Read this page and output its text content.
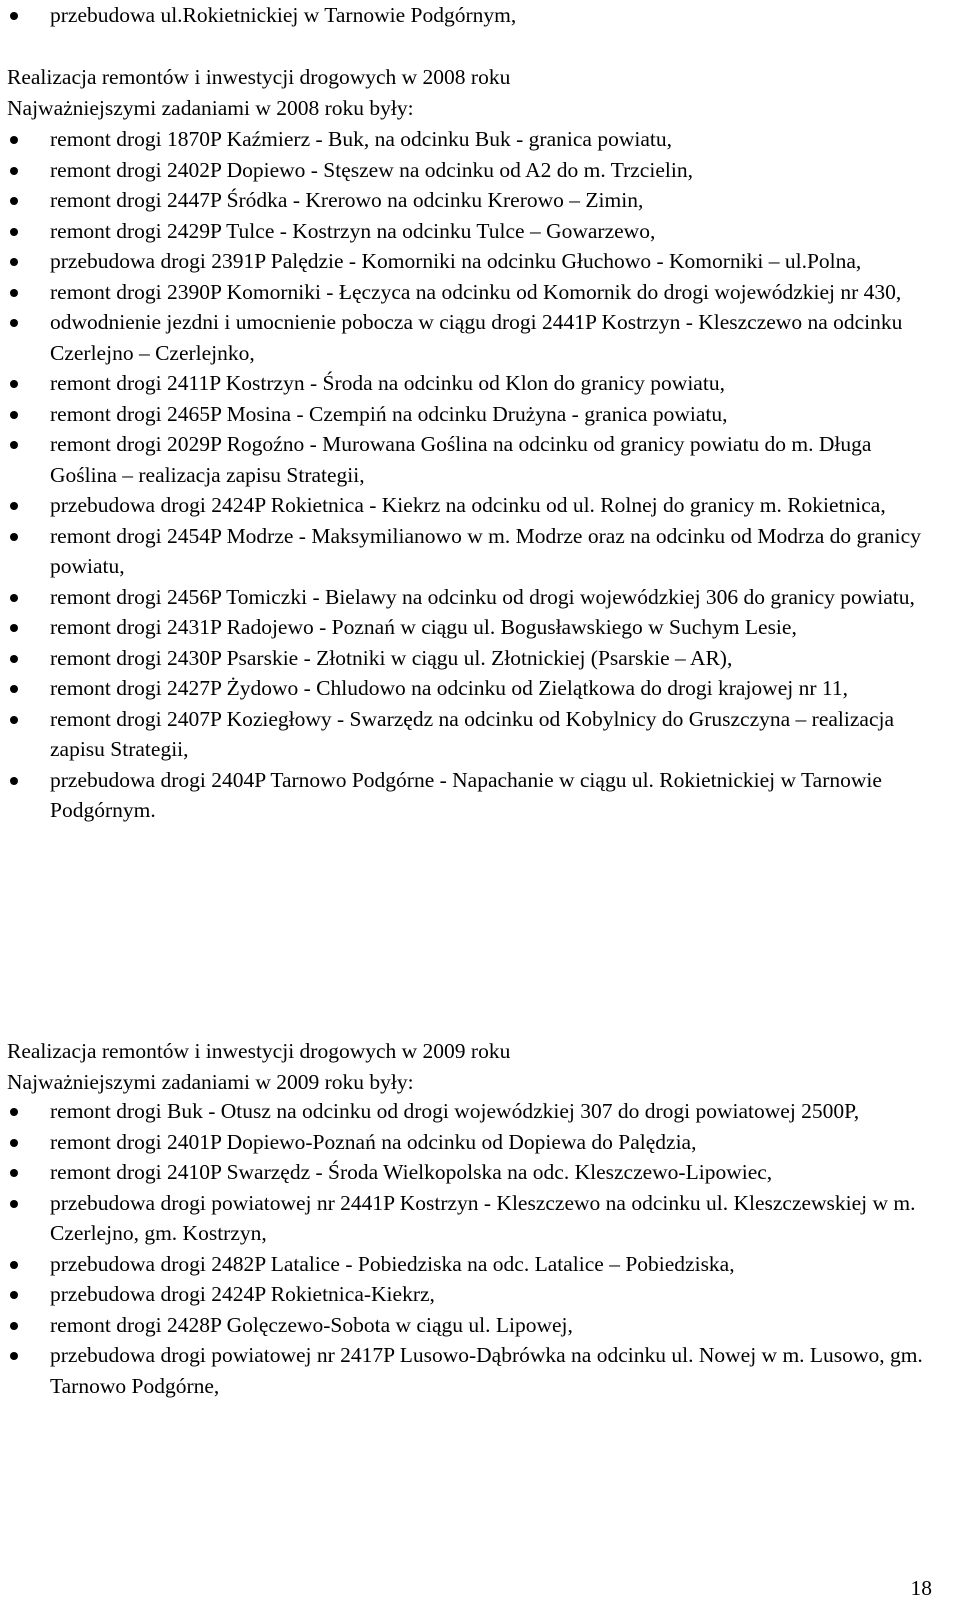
przebudowa ul.Rokietnickiej w Tarnowie Podgórnym,
Realizacja remontów i inwestycji drogowych w 2008 roku
Najważniejszymi zadaniami w 2008 roku były:
remont drogi 1870P Kaźmierz - Buk, na odcinku Buk - granica powiatu,
remont drogi 2402P Dopiewo - Stęszew na odcinku od A2 do m. Trzcielin,
remont drogi 2447P Śródka - Krerowo na odcinku Krerowo – Zimin,
remont drogi 2429P Tulce - Kostrzyn na odcinku Tulce – Gowarzewo,
przebudowa drogi 2391P Palędzie - Komorniki na odcinku Głuchowo - Komorniki – ul.Polna,
remont drogi 2390P Komorniki - Łęczyca na odcinku od Komornik do drogi wojewódzkiej nr 430,
odwodnienie jezdni i umocnienie pobocza w ciągu drogi 2441P Kostrzyn - Kleszczewo na odcinku Czerlejno – Czerlejnko,
remont drogi 2411P Kostrzyn - Środa na odcinku od Klon do granicy powiatu,
remont drogi 2465P Mosina - Czempiń na odcinku Drużyna - granica powiatu,
remont drogi 2029P Rogoźno - Murowana Goślina na odcinku od granicy powiatu do m. Długa Goślina – realizacja zapisu Strategii,
przebudowa drogi 2424P Rokietnica - Kiekrz na odcinku od ul. Rolnej do granicy m. Rokietnica,
remont drogi 2454P Modrze - Maksymilianowo w m. Modrze oraz na odcinku od Modrza do granicy powiatu,
remont drogi 2456P Tomiczki - Bielawy na odcinku od drogi wojewódzkiej 306 do granicy powiatu,
remont drogi 2431P Radojewo - Poznań w ciągu ul. Bogusławskiego w Suchym Lesie,
remont drogi 2430P Psarskie - Złotniki w ciągu ul. Złotnickiej (Psarskie – AR),
remont drogi 2427P Żydowo - Chludowo na odcinku od Zielątkowa do drogi krajowej nr 11,
remont drogi 2407P Koziegłowy - Swarzędz na odcinku od Kobylnicy do Gruszczyna – realizacja zapisu Strategii,
przebudowa drogi 2404P Tarnowo Podgórne - Napachanie w ciągu ul. Rokietnickiej w Tarnowie Podgórnym.
Realizacja remontów i inwestycji drogowych w 2009 roku
Najważniejszymi zadaniami w 2009 roku były:
remont drogi Buk - Otusz na odcinku od drogi wojewódzkiej 307 do drogi powiatowej 2500P,
remont drogi 2401P Dopiewo-Poznań na odcinku od Dopiewa do Palędzia,
remont drogi 2410P Swarzędz - Środa Wielkopolska na odc. Kleszczewo-Lipowiec,
przebudowa drogi powiatowej nr 2441P Kostrzyn - Kleszczewo na odcinku ul. Kleszczewskiej w m. Czerlejno, gm. Kostrzyn,
przebudowa drogi 2482P Latalice - Pobiedziska na odc. Latalice – Pobiedziska,
przebudowa drogi 2424P Rokietnica-Kiekrz,
remont drogi 2428P Golęczewo-Sobota w ciągu ul. Lipowej,
przebudowa drogi powiatowej nr 2417P Lusowo-Dąbrówka na odcinku ul. Nowej w m. Lusowo, gm. Tarnowo Podgórne,
18
